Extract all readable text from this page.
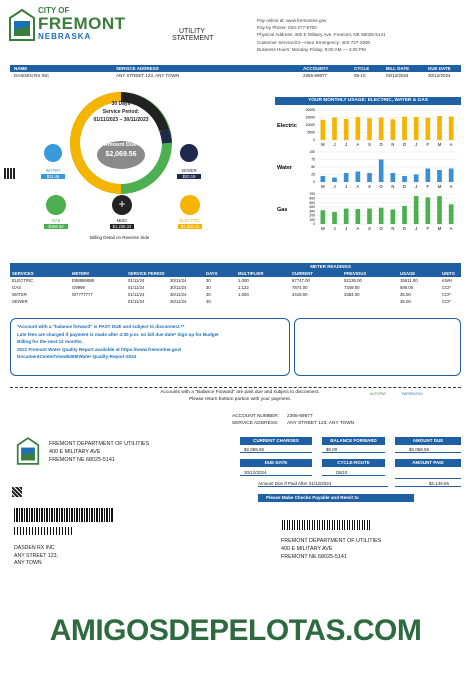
CITY OF
FREMONT
NEBRASKA
UTILITY
STATEMENT
Pay online at: www.fremontne.gov
Pay by Phone: 833-277-8700
Physical Address: 400 E Military Ave. Fremont, NE 68025-5141
Customer Service/24—Hour Emergency: 402-727-2600
Business Hours: Monday-Friday, 8:00 AM — 4:30 PM
NAME	SERVICE ADDRESS	ACCOUNT#	CYCLE	BILL DATE	DUE DATE
DASDEN RX INC	ANY STREET 123, ANY TOWN	2365-69877	05-10	02/12/2024	30/12/2024
30 Days
Service Period:
01/11/2023 – 30/11/2023
Amount Due:
$2,069.56
WATER
$11.46
SEWER
$20.19
GAS
$456.52
+
MISC
$1,235.33
ELECTRIC
$1,316.11
Billing Detail on Reverse Side
YOUR MONTHLY USAGE: ELECTRIC, WATER & GAS
Electric
0
5000
10000
15000
20000
M J J A S O N D J F M A
Water
0
25
50
75
100
M J J A S O N D J F M A
Gas
0
100
200
300
400
500
600
700
M J J A S O N D J F M A
METER READINGS
SERVICES	METER#	SERVICE PERIOD	DAYS	MULTIPLIER	CURRENT	PREVIOUS	USAGE	UNITS
ELECTRIC	E88888888	01/11/24	30/11/24	30	1.000	67747.00	52136.00	15611.00	KWH
GAS	G9999	01/11/24	30/11/24	30	1.122	7874.00	7349.00	589.05	CCF
WATER	W7777777	01/11/24	30/11/24	30	1.000	3419.00	3384.00	35.00	CCF
SEWER	01/11/24	30/11/24	30	35.00	CCF
*Account with a "balance forward" is PAST DUE and subject to disconnect.**
Late fees are charged if payment is made after 4:30 p.m. on bill due date* Sign up for Budget
Billing for the next 12 months.
2021 Fremont Water Quality Report available at https://www.fremontne.gov/
DocumentCenter/View/6289/Water-Quality-Report-2024
Accounts with a "Balance Forward" are past due and subject to disconnect.
Please return bottom portion with your payment.
AUTOPAY	PAPERLESS
ACCOUNT NUMBER:
SERVICE ADDRESS:
2365-69877
ANY STREET 123, ANY TOWN
CURRENT CHARGES	BALANCE FORWARD	AMOUNT DUE
$2,069.56	$0.00	$2,069.56
DUE DATE	CYCLE-ROUTE	AMOUNT PAID
30/12/2024	05/10
Amount Due If Paid After 31/12/2024	$2,149.56
Please Make Checks Payable and Remit to
FREMONT DEPARTMENT OF UTILITIES
400 E MILITARY AVE
FREMONT NE 68025-5141
DASDEN RX INC
ANY STREET 123,
ANY TOWN
FREMONT DEPARTMENT OF UTILITIES
400 E MILITARY AVE
FREMONT NE 68025-5141
AMIGOSDEPELOTAS.COM
